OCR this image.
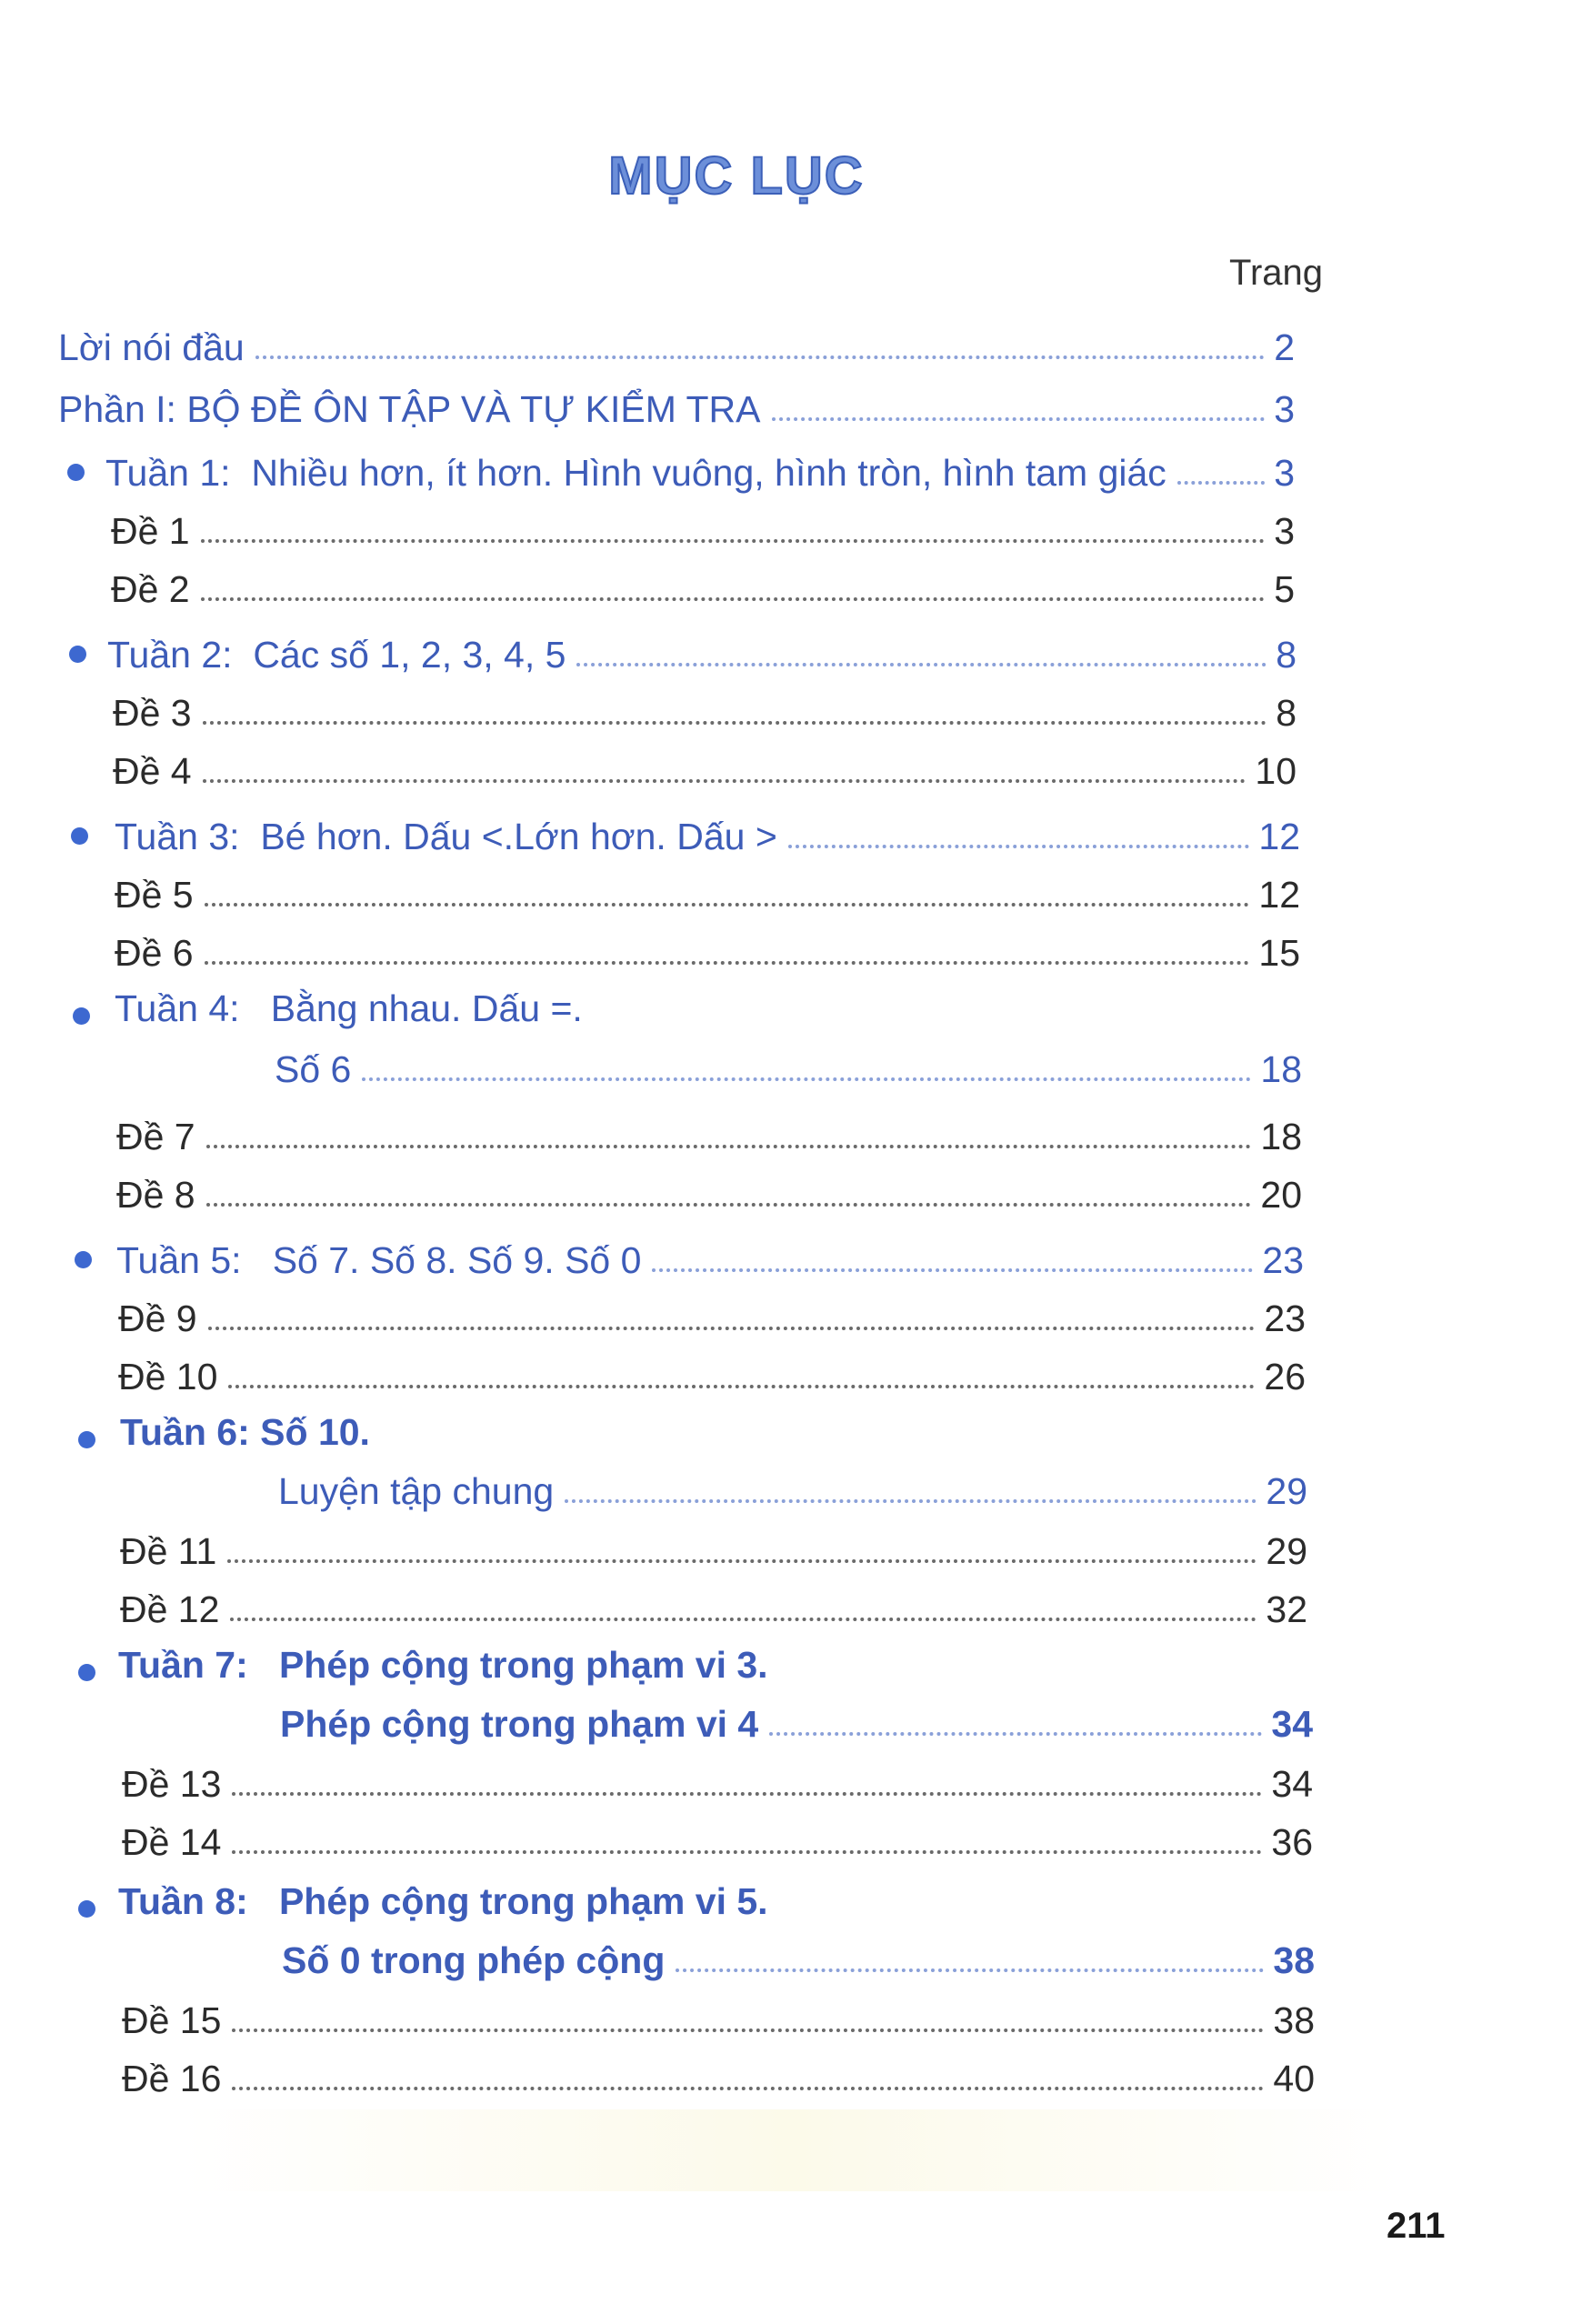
MỤC LỤC
Trang
Lời nói đầu	2
Phần I: BỘ ĐỀ ÔN TẬP VÀ TỰ KIỂM TRA	3
Tuần 1: Nhiều hơn, ít hơn. Hình vuông, hình tròn, hình tam giác	3
Đề 1	3
Đề 2	5
Tuần 2: Các số 1, 2, 3, 4, 5	8
Đề 3	8
Đề 4	10
Tuần 3: Bé hơn. Dấu <.Lớn hơn. Dấu >	12
Đề 5	12
Đề 6	15
Tuần 4: Bằng nhau. Dấu =.
Số 6	18
Đề 7	18
Đề 8	20
Tuần 5: Số 7. Số 8. Số 9. Số 0	23
Đề 9	23
Đề 10	26
Tuần 6: Số 10.
Luyện tập chung	29
Đề 11	29
Đề 12	32
Tuần 7: Phép cộng trong phạm vi 3.
Phép cộng trong phạm vi 4	34
Đề 13	34
Đề 14	36
Tuần 8: Phép cộng trong phạm vi 5.
Số 0 trong phép cộng	38
Đề 15	38
Đề 16	40
211
